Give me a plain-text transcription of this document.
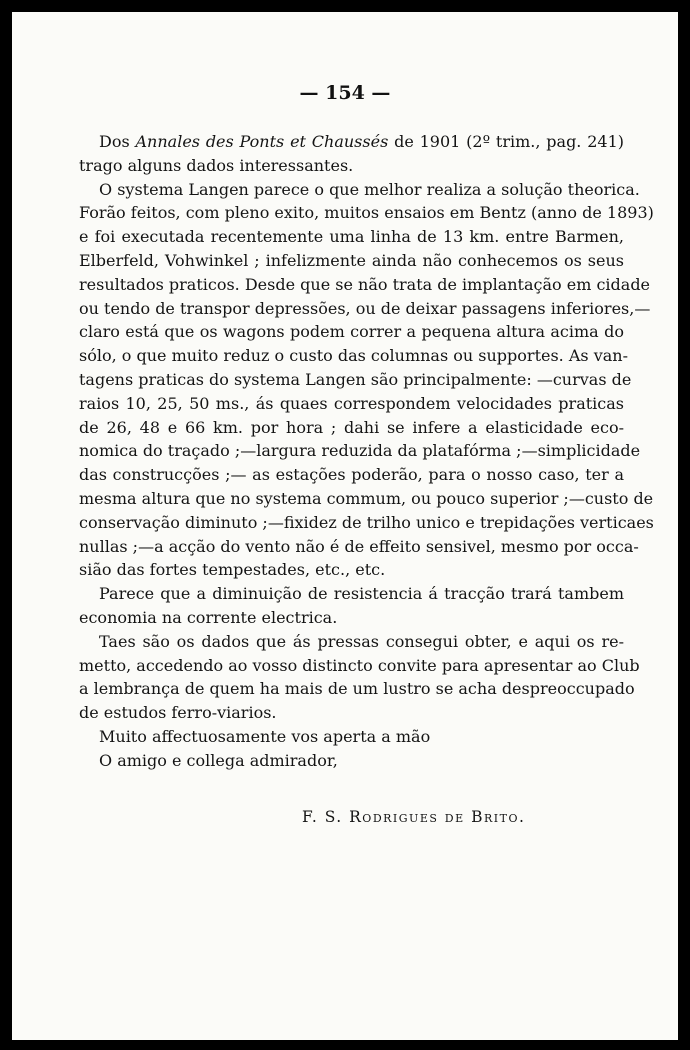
— 154 —
Dos Annales des Ponts et Chaussés de 1901 (2º trim., pag. 241)
trago alguns dados interessantes.
O systema Langen parece o que melhor realiza a solução theorica.
Forão feitos, com pleno exito, muitos ensaios em Bentz (anno de 1893)
e foi executada recentemente uma linha de 13 km. entre Barmen,
Elberfeld, Vohwinkel ; infelizmente ainda não conhecemos os seus
resultados praticos. Desde que se não trata de implantação em cidade
ou tendo de transpor depressões, ou de deixar passagens inferiores,—
claro está que os wagons podem correr a pequena altura acima do
sólo, o que muito reduz o custo das columnas ou supportes. As van-
tagens praticas do systema Langen são principalmente: —curvas de
raios 10, 25, 50 ms., ás quaes correspondem velocidades praticas
de 26, 48 e 66 km. por hora ; dahi se infere a elasticidade eco-
nomica do traçado ;—largura reduzida da platafórma ;—simplicidade
das construcções ;— as estações poderão, para o nosso caso, ter a
mesma altura que no systema commum, ou pouco superior ;—custo de
conservação diminuto ;—fixidez de trilho unico e trepidações verticaes
nullas ;—a acção do vento não é de effeito sensivel, mesmo por occa-
sião das fortes tempestades, etc., etc.
Parece que a diminuição de resistencia á tracção trará tambem
economia na corrente electrica.
Taes são os dados que ás pressas consegui obter, e aqui os re-
metto, accedendo ao vosso distincto convite para apresentar ao Club
a lembrança de quem ha mais de um lustro se acha despreoccupado
de estudos ferro-viarios.
Muito affectuosamente vos aperta a mão
O amigo e collega admirador,
F. S. Rodrigues de Brito.
